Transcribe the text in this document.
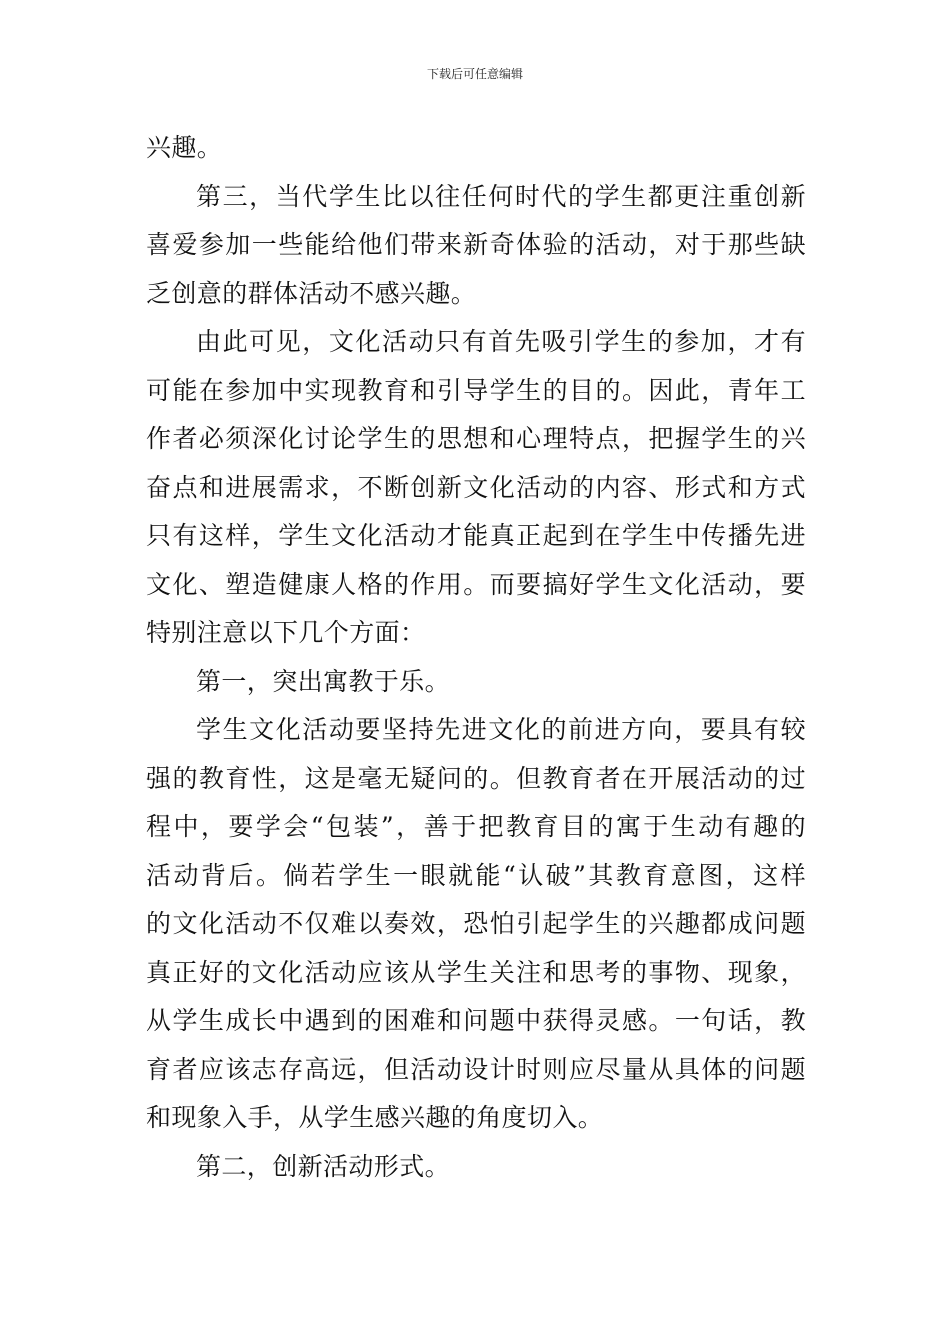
下载后可任意编辑
兴趣。
第三，当代学生比以往任何时代的学生都更注重创新
喜爱参加一些能给他们带来新奇体验的活动，对于那些缺
乏创意的群体活动不感兴趣。
由此可见，文化活动只有首先吸引学生的参加，才有
可能在参加中实现教育和引导学生的目的。因此，青年工
作者必须深化讨论学生的思想和心理特点，把握学生的兴
奋点和进展需求，不断创新文化活动的内容、形式和方式
只有这样，学生文化活动才能真正起到在学生中传播先进
文化、塑造健康人格的作用。而要搞好学生文化活动，要
特别注意以下几个方面：
第一，突出寓教于乐。
学生文化活动要坚持先进文化的前进方向，要具有较
强的教育性，这是毫无疑问的。但教育者在开展活动的过
程中，要学会“包装”，善于把教育目的寓于生动有趣的
活动背后。倘若学生一眼就能“认破”其教育意图，这样
的文化活动不仅难以奏效，恐怕引起学生的兴趣都成问题
真正好的文化活动应该从学生关注和思考的事物、现象，
从学生成长中遇到的困难和问题中获得灵感。一句话，教
育者应该志存高远，但活动设计时则应尽量从具体的问题
和现象入手，从学生感兴趣的角度切入。
第二，创新活动形式。
